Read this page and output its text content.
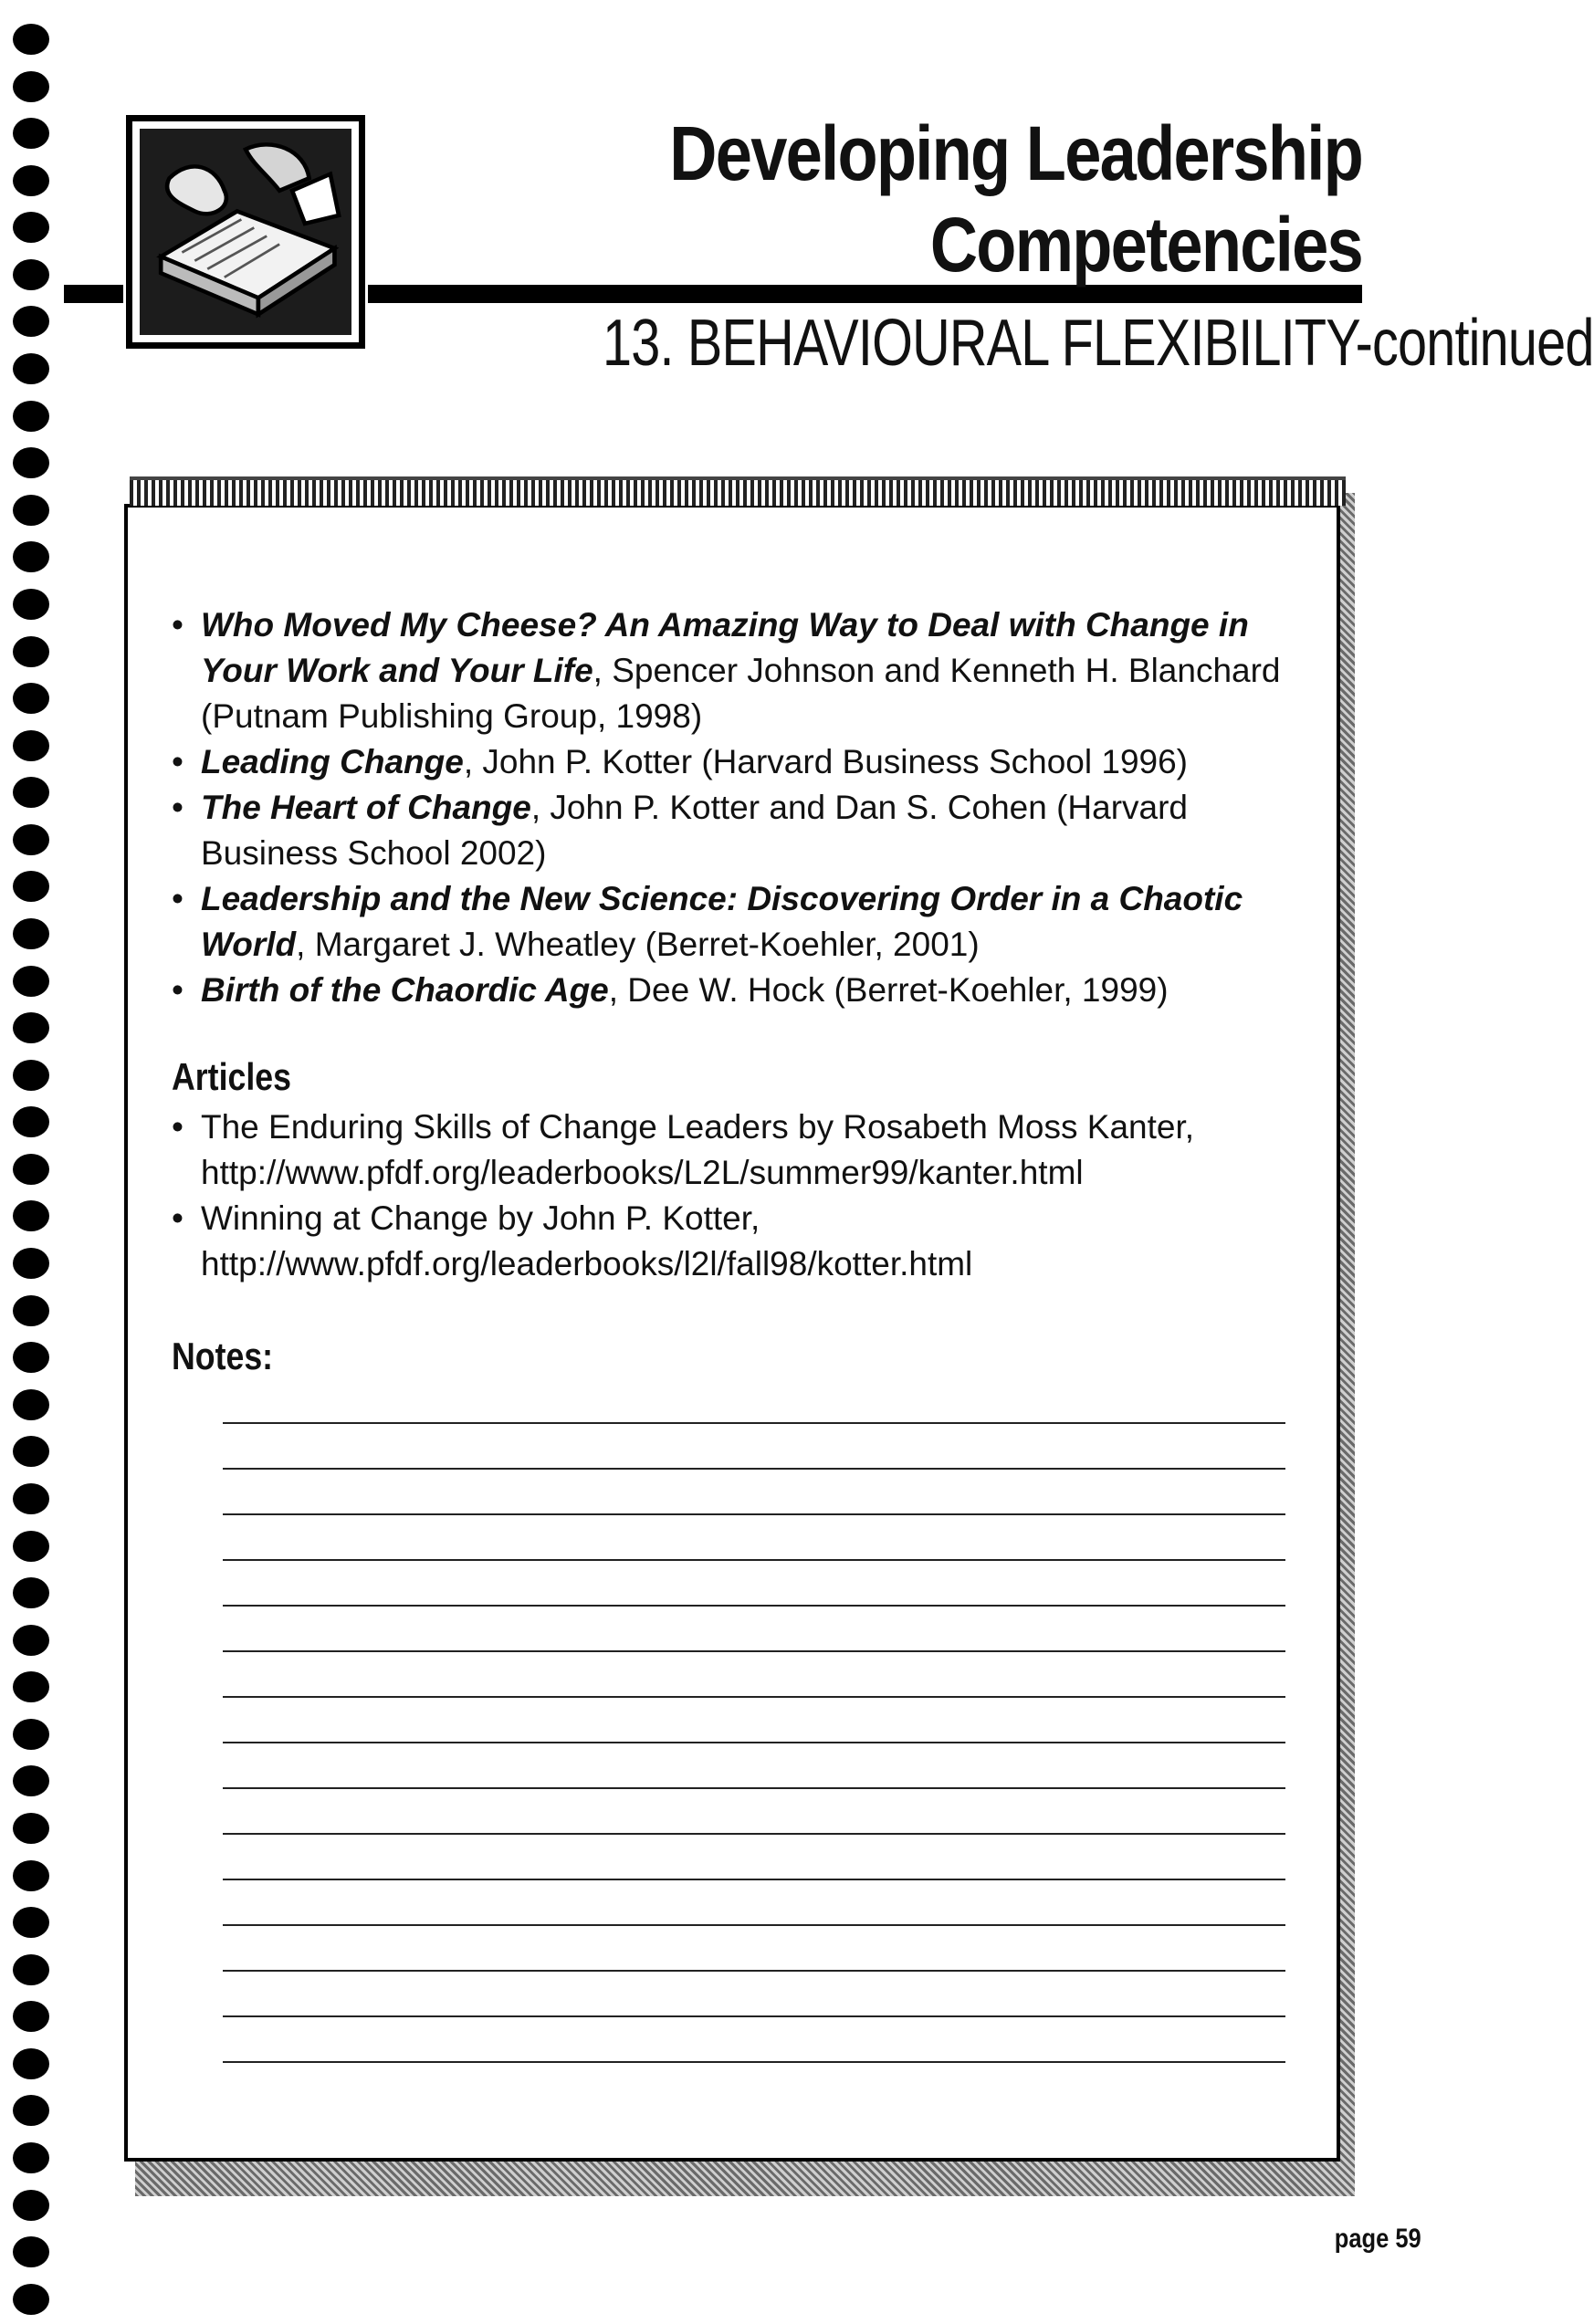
Developing Leadership
Competencies
13. BEHAVIOURAL FLEXIBILITY-continued
• Who Moved My Cheese? An Amazing Way to Deal with Change in Your Work and Your Life, Spencer Johnson and Kenneth H. Blanchard (Putnam Publishing Group, 1998)
• Leading Change, John P. Kotter (Harvard Business School 1996)
• The Heart of Change, John P. Kotter and Dan S. Cohen (Harvard Business School 2002)
• Leadership and the New Science: Discovering Order in a Chaotic World, Margaret J. Wheatley (Berret-Koehler, 2001)
• Birth of the Chaordic Age, Dee W. Hock (Berret-Koehler, 1999)
Articles
• The Enduring Skills of Change Leaders by Rosabeth Moss Kanter,
http://www.pfdf.org/leaderbooks/L2L/summer99/kanter.html
• Winning at Change by John P. Kotter,
http://www.pfdf.org/leaderbooks/l2l/fall98/kotter.html
Notes:
page 59
